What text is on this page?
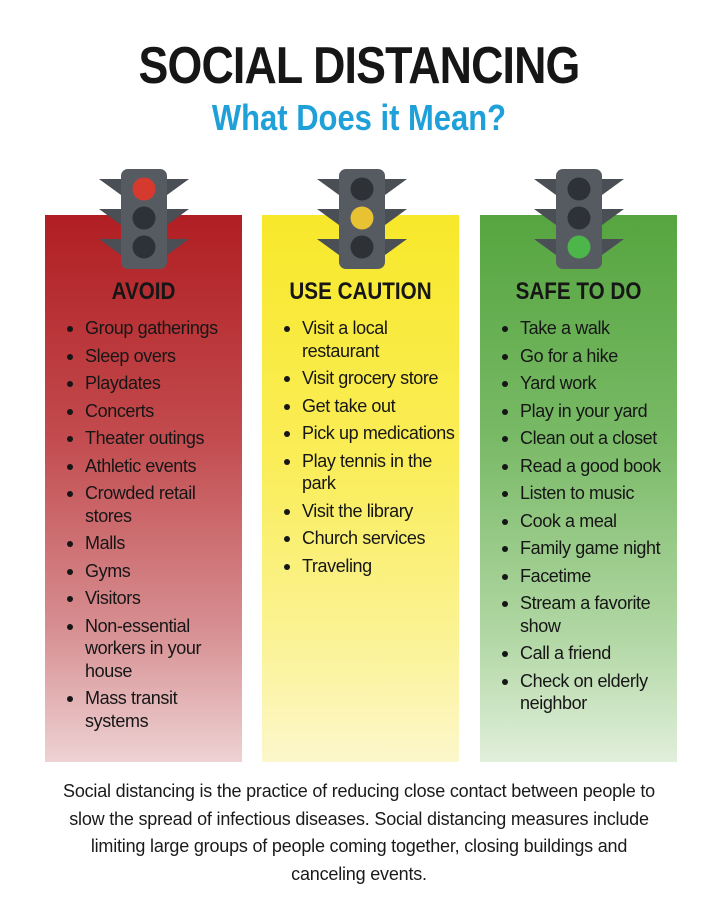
SOCIAL DISTANCING
What Does it Mean?
AVOID
Group gatherings
Sleep overs
Playdates
Concerts
Theater outings
Athletic events
Crowded retail stores
Malls
Gyms
Visitors
Non-essential workers in your house
Mass transit systems
USE CAUTION
Visit a local restaurant
Visit grocery store
Get take out
Pick up medications
Play tennis in the park
Visit the library
Church services
Traveling
SAFE TO DO
Take a walk
Go for a hike
Yard work
Play in your yard
Clean out a closet
Read a good book
Listen to music
Cook a meal
Family game night
Facetime
Stream a favorite show
Call a friend
Check on elderly neighbor
Social distancing is the practice of reducing close contact between people to slow the spread of infectious diseases. Social distancing measures include limiting large groups of people coming together, closing buildings and canceling events.
